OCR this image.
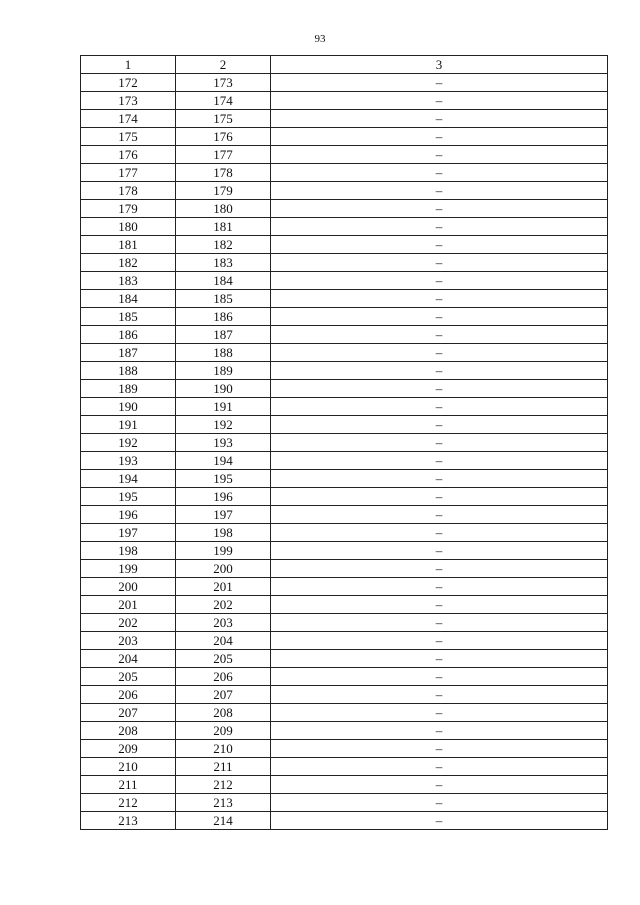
93
1	2	3
172	173	–
173	174	–
174	175	–
175	176	–
176	177	–
177	178	–
178	179	–
179	180	–
180	181	–
181	182	–
182	183	–
183	184	–
184	185	–
185	186	–
186	187	–
187	188	–
188	189	–
189	190	–
190	191	–
191	192	–
192	193	–
193	194	–
194	195	–
195	196	–
196	197	–
197	198	–
198	199	–
199	200	–
200	201	–
201	202	–
202	203	–
203	204	–
204	205	–
205	206	–
206	207	–
207	208	–
208	209	–
209	210	–
210	211	–
211	212	–
212	213	–
213	214	–
